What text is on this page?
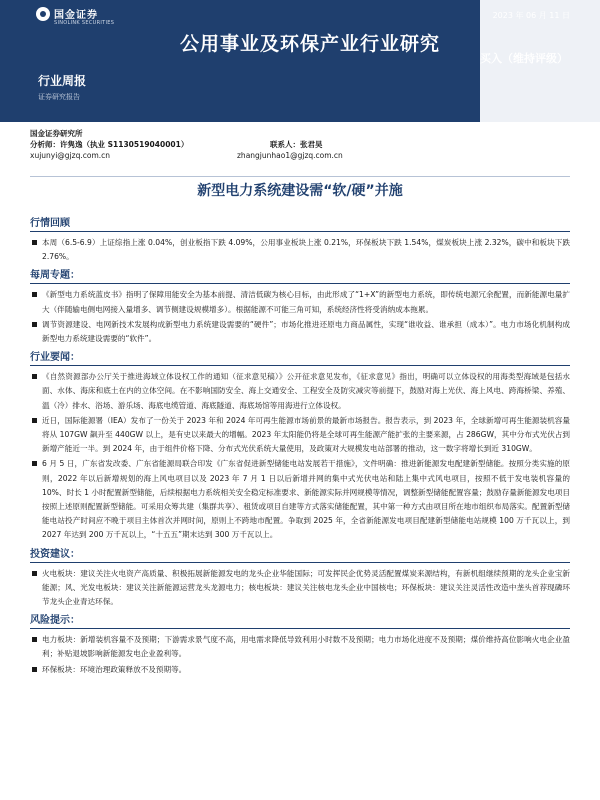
国金证券
SINOLINK SECURITIES
行业周报
证券研究报告
公用事业及环保产业行业研究
2023 年 06 月 11 日
买入（维持评级）
国金证券研究所
分析师： 许隽逸（执业 S1130519040001）	联系人： 张君昊
xujunyi@gjzq.com.cn	zhangjunhao1@gjzq.com.cn
新型电力系统建设需“软/硬”并施
行情回顾
本周（6.5-6.9）上证综指上涨 0.04%，创业板指下跌 4.09%，公用事业板块上涨 0.21%，环保板块下跌 1.54%，煤炭板块上涨 2.32%，碳中和板块下跌 2.76%。
每周专题：
《新型电力系统蓝皮书》指明了保障用能安全为基本前提、清洁低碳为核心目标，由此形成了“1+X”的新型电力系统，即传统电源冗余配置，而新能源电量扩大（伴随输电侧电网接入量增多、调节侧建设规模增多）。根据能源不可能三角可知，系统经济性将受消纳成本拖累。
调节资源建设、电网新技术发展构成新型电力系统建设需要的“硬件”；市场化推进还原电力商品属性，实现“谁收益、谁承担（成本）”。电力市场化机制构成新型电力系统建设需要的“软件”。
行业要闻：
《自然资源部办公厅关于推进海域立体设权工作的通知（征求意见稿）》公开征求意见发布，《征求意见》指出，明确可以立体设权的用海类型海域是包括水面、水体、海床和底土在内的立体空间。在不影响国防安全、海上交通安全、工程安全及防灾减灾等前提下，鼓励对海上光伏、海上风电、跨海桥梁、养殖、温（冷）排水、浴场、游乐场、海底电缆管道、海底隧道、海底场馆等用海进行立体设权。
近日，国际能源署（IEA）发布了一份关于 2023 年和 2024 年可再生能源市场前景的最新市场报告。报告表示，到 2023 年，全球新增可再生能源装机容量将从 107GW 飙升至 440GW 以上，是有史以来最大的增幅。2023 年太阳能仍将是全球可再生能源产能扩张的主要来源，占 286GW，其中分布式光伏占到新增产能近一半。到 2024 年，由于组件价格下降、分布式光伏系统大量使用，及政策对大规模发电站部署的推动，这一数字将增长到近 310GW。
6 月 5 日，广东省发改委、广东省能源局联合印发《广东省促进新型储能电站发展若干措施》，文件明确：推进新能源发电配建新型储能。按照分类实施的原则，2022 年以后新增规划的海上风电项目以及 2023 年 7 月 1 日以后新增并网的集中式光伏电站和陆上集中式风电项目，按照不低于发电装机容量的 10%、时长 1 小时配置新型储能，后续根据电力系统相关安全稳定标准要求、新能源实际并网规模等情况，调整新型储能配置容量；鼓励存量新能源发电项目按照上述原则配置新型储能。可采用众筹共建（集群共享）、租赁或项目自建等方式落实储能配置，其中第一种方式由项目所在地市组织布局落实。配置新型储能电站投产时间应不晚于项目主体首次并网时间，原则上不跨地市配置。争取到 2025 年，全省新能源发电项目配建新型储能电站规模 100 万千瓦以上，到 2027 年达到 200 万千瓦以上，“十五五”期末达到 300 万千瓦以上。
投资建议：
火电板块：建议关注火电资产高质量、积极拓展新能源发电的龙头企业华能国际；可发挥民企优势灵活配置煤炭来源结构，有新机组继续预期的龙头企业宝新能源；风、光发电板块：建议关注新能源运营龙头龙源电力；核电板块：建议关注核电龙头企业中国核电；环保板块：建议关注灵活性改造中垄头首荐现磷环节龙头企业青达环保。
风险提示：
电力板块：新增装机容量不及预期；下游需求景气度不高，用电需求降低导致利用小时数不及预期；电力市场化进度不及预期；煤价维持高位影响火电企业盈利；补贴退坡影响新能源发电企业盈利等。
环保板块：环境治理政策释放不及预期等。
